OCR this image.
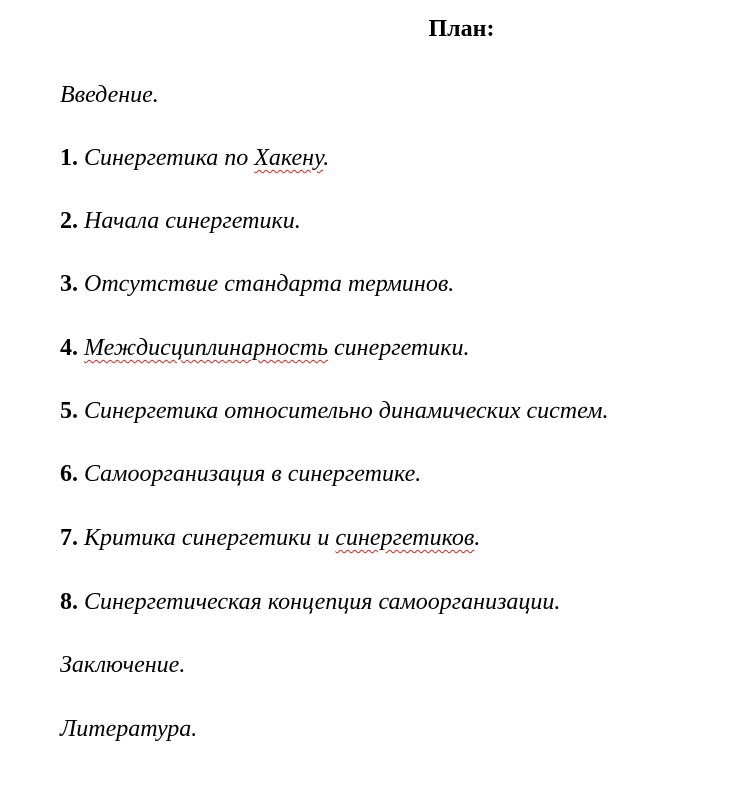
План:
Введение.
1. Синергетика по Хакену.
2. Начала синергетики.
3. Отсутствие стандарта терминов.
4. Междисциплинарность синергетики.
5. Синергетика относительно динамических систем.
6. Самоорганизация в синергетике.
7. Критика синергетики и синергетиков.
8. Синергетическая концепция самоорганизации.
Заключение.
Литература.
